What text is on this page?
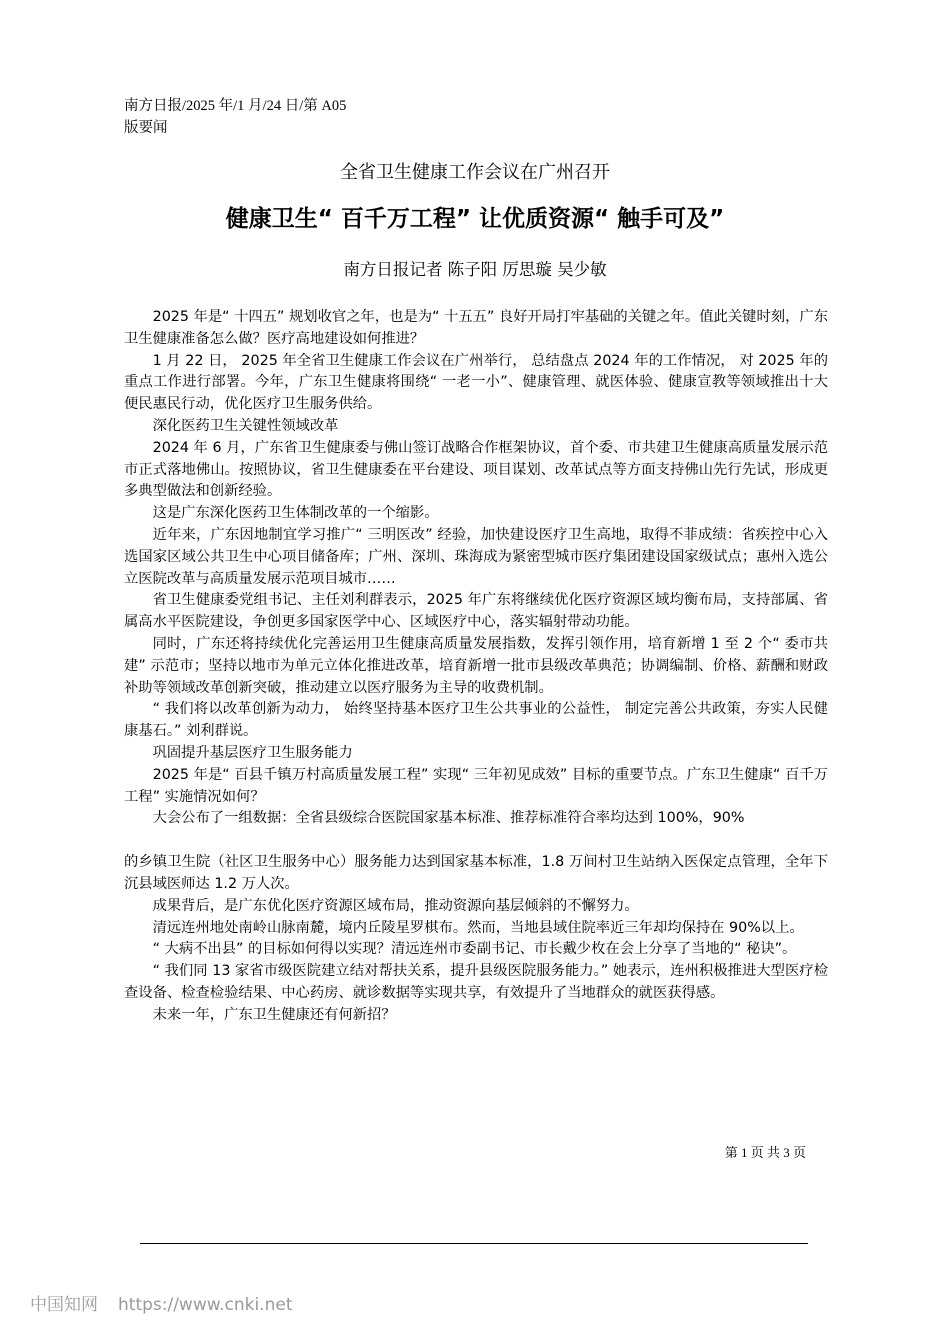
南方日报/2025 年/1 月/24 日/第 A05
版要闻
全省卫生健康工作会议在广州召开
健康卫生“ 百千万工程” 让优质资源“ 触手可及”
南方日报记者 陈子阳 厉思璇 吴少敏

2025 年是“ 十四五” 规划收官之年，也是为“ 十五五” 良好开局打牢基础的关键之年。值此关键时刻，广东卫生健康准备怎么做？医疗高地建设如何推进？

1 月 22 日， 2025 年全省卫生健康工作会议在广州举行， 总结盘点 2024 年的工作情况， 对 2025 年的重点工作进行部署。今年，广东卫生健康将围绕“ 一老一小”、健康管理、就医体验、健康宣教等领域推出十大便民惠民行动，优化医疗卫生服务供给。

深化医药卫生关键性领域改革

2024 年 6 月，广东省卫生健康委与佛山签订战略合作框架协议，首个委、市共建卫生健康高质量发展示范市正式落地佛山。按照协议，省卫生健康委在平台建设、项目谋划、改革试点等方面支持佛山先行先试，形成更多典型做法和创新经验。

这是广东深化医药卫生体制改革的一个缩影。

近年来，广东因地制宜学习推广“ 三明医改” 经验，加快建设医疗卫生高地，取得不菲成绩：省疾控中心入选国家区域公共卫生中心项目储备库；广州、深圳、珠海成为紧密型城市医疗集团建设国家级试点；惠州入选公立医院改革与高质量发展示范项目城市……

省卫生健康委党组书记、主任刘利群表示，2025 年广东将继续优化医疗资源区域均衡布局，支持部属、省属高水平医院建设，争创更多国家医学中心、区域医疗中心，落实辐射带动功能。

同时，广东还将持续优化完善运用卫生健康高质量发展指数，发挥引领作用，培育新增 1 至 2 个“ 委市共建” 示范市；坚持以地市为单元立体化推进改革，培育新增一批市县级改革典范；协调编制、价格、薪酬和财政补助等领域改革创新突破，推动建立以医疗服务为主导的收费机制。

“ 我们将以改革创新为动力， 始终坚持基本医疗卫生公共事业的公益性， 制定完善公共政策，夯实人民健康基石。” 刘利群说。

巩固提升基层医疗卫生服务能力

2025 年是“ 百县千镇万村高质量发展工程” 实现“ 三年初见成效” 目标的重要节点。广东卫生健康“ 百千万工程” 实施情况如何？

大会公布了一组数据：全省县级综合医院国家基本标准、推荐标准符合率均达到 100%，90%

的乡镇卫生院（社区卫生服务中心）服务能力达到国家基本标准，1.8 万间村卫生站纳入医保定点管理，全年下沉县域医师达 1.2 万人次。

成果背后，是广东优化医疗资源区域布局，推动资源向基层倾斜的不懈努力。

清远连州地处南岭山脉南麓，境内丘陵星罗棋布。然而，当地县域住院率近三年却均保持在 90%以上。

“ 大病不出县” 的目标如何得以实现？清远连州市委副书记、市长戴少枚在会上分享了当地的“ 秘诀”。

“ 我们同 13 家省市级医院建立结对帮扶关系，提升县级医院服务能力。” 她表示，连州积极推进大型医疗检查设备、检查检验结果、中心药房、就诊数据等实现共享，有效提升了当地群众的就医获得感。

未来一年，广东卫生健康还有何新招？

第 1 页 共 3 页
中国知网 https://www.cnki.net
